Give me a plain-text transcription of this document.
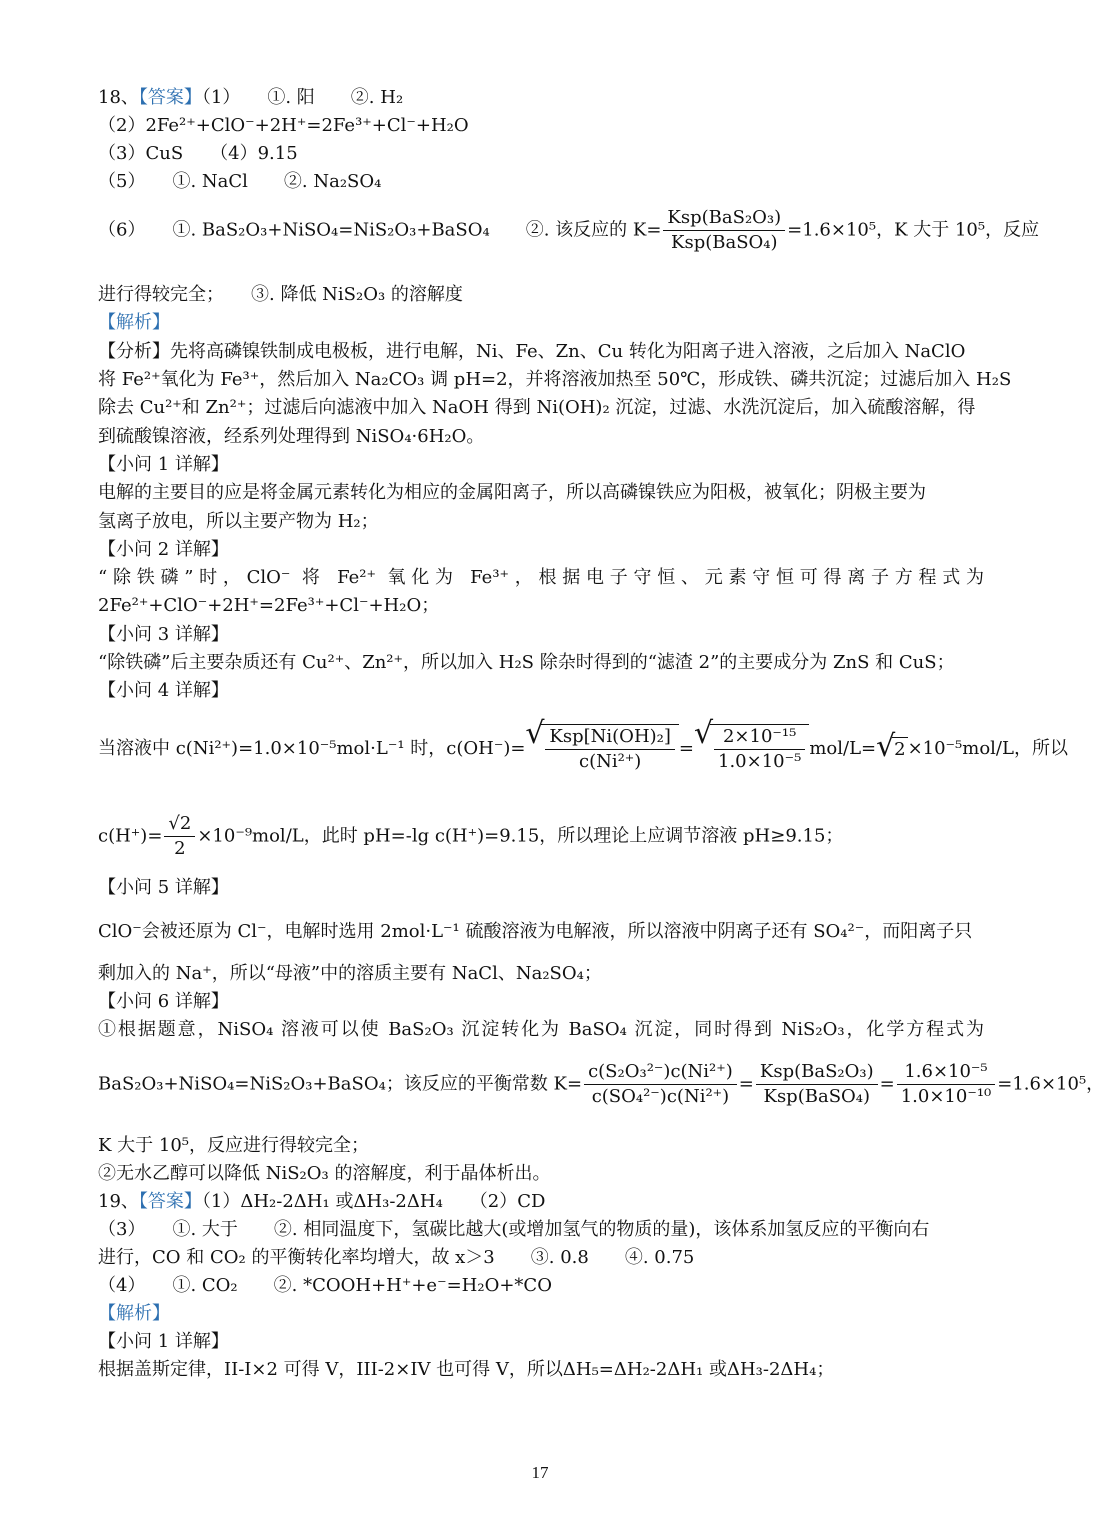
18、【答案】（1）　　①. 阳　　②. H₂
（2）2Fe²⁺+ClO⁻+2H⁺=2Fe³⁺+Cl⁻+H₂O
（3）CuS　　（4）9.15
（5）　　①. NaCl　　②. Na₂SO₄
（6）　　①. BaS₂O₃+NiSO₄=NiS₂O₃+BaSO₄　　②. 该反应的 $K= \frac{\text{Ksp(BaS₂O₃)}}{\text{Ksp(BaSO₄)}} =1.6\times 10^5$，K 大于 10⁵，反应
进行得较完全；　　③. 降低 NiS₂O₃ 的溶解度
【解析】
【分析】先将高磷镍铁制成电极板，进行电解，Ni、Fe、Zn、Cu 转化为阳离子进入溶液，之后加入 NaClO
将 Fe²⁺氧化为 Fe³⁺，然后加入 Na₂CO₃ 调 pH=2，并将溶液加热至 50℃，形成铁、磷共沉淀；过滤后加入 H₂S
除去 Cu²⁺和 Zn²⁺；过滤后向滤液中加入 NaOH 得到 Ni(OH)₂ 沉淀，过滤、水洗沉淀后，加入硫酸溶解，得
到硫酸镍溶液，经系列处理得到 NiSO₄·6H₂O。
【小问 1 详解】
电解的主要目的应是将金属元素转化为相应的金属阳离子，所以高磷镍铁应为阳极，被氧化；阴极主要为
氢离子放电，所以主要产物为 H₂；
【小问 2 详解】
“除铁磷”时，ClO⁻ 将 Fe²⁺ 氧化为 Fe³⁺，根据电子守恒、元素守恒可得离子方程式为
2Fe²⁺+ClO⁻+2H⁺=2Fe³⁺+Cl⁻+H₂O；
【小问 3 详解】
“除铁磷”后主要杂质还有 Cu²⁺、Zn²⁺，所以加入 H₂S 除杂时得到的“滤渣 2”的主要成分为 ZnS 和 CuS；
【小问 4 详解】
当溶液中 c(Ni²⁺)=1.0×10⁻⁵mol·L⁻¹ 时，c(OH⁻)=
√ $\frac{\text{Ksp[Ni(OH)₂]}}{\text{c(Ni²⁺)}}$ =
√ $\frac{\text{2×10⁻¹⁵}}{\text{1.0×10⁻⁵}} mol/L=√$ 2 ×10⁻⁵mol/L，所以
$c(H^+)= \frac{√2}{2} \times 10^{-9}mol/L$，此时 pH=-lg c(H⁺)=9.15，所以理论上应调节溶液 pH≥9.15；
【小问 5 详解】
ClO⁻会被还原为 Cl⁻，电解时选用 2mol·L⁻¹ 硫酸溶液为电解液，所以溶液中阴离子还有 SO₄²⁻，而阳离子只
剩加入的 Na⁺，所以“母液”中的溶质主要有 NaCl、Na₂SO₄；
【小问 6 详解】
①根据题意，NiSO₄ 溶液可以使 BaS₂O₃ 沉淀转化为 BaSO₄ 沉淀，同时得到 NiS₂O₃，化学方程式为
BaS₂O₃+NiSO₄=NiS₂O₃+BaSO₄；该反应的平衡常数 $K= \frac{\text{c(S₂O₃²⁻)c(Ni²⁺)}}{\text{c(SO₄²⁻)c(Ni²⁺)}} = \frac{\text{Ksp(BaS₂O₃)}}{\text{Ksp(BaSO₄)}} = \frac{\text{1.6×10⁻⁵}}{\text{1.0×10⁻¹⁰}} =1.6\times 10^5$，
K 大于 10⁵，反应进行得较完全；
②无水乙醇可以降低 NiS₂O₃ 的溶解度，利于晶体析出。
19、【答案】（1）ΔH₂-2ΔH₁ 或ΔH₃-2ΔH₄　　（2）CD
（3）　　①. 大于　　②. 相同温度下，氢碳比越大(或增加氢气的物质的量)，该体系加氢反应的平衡向右
进行，CO 和 CO₂ 的平衡转化率均增大，故 x＞3　　③. 0.8　　④. 0.75
（4）　　①. CO₂　　②. *COOH+H⁺+e⁻=H₂O+*CO
【解析】
【小问 1 详解】
根据盖斯定律，II-I×2 可得 V，III-2×IV 也可得 V，所以ΔH₅=ΔH₂-2ΔH₁ 或ΔH₃-2ΔH₄；
17
